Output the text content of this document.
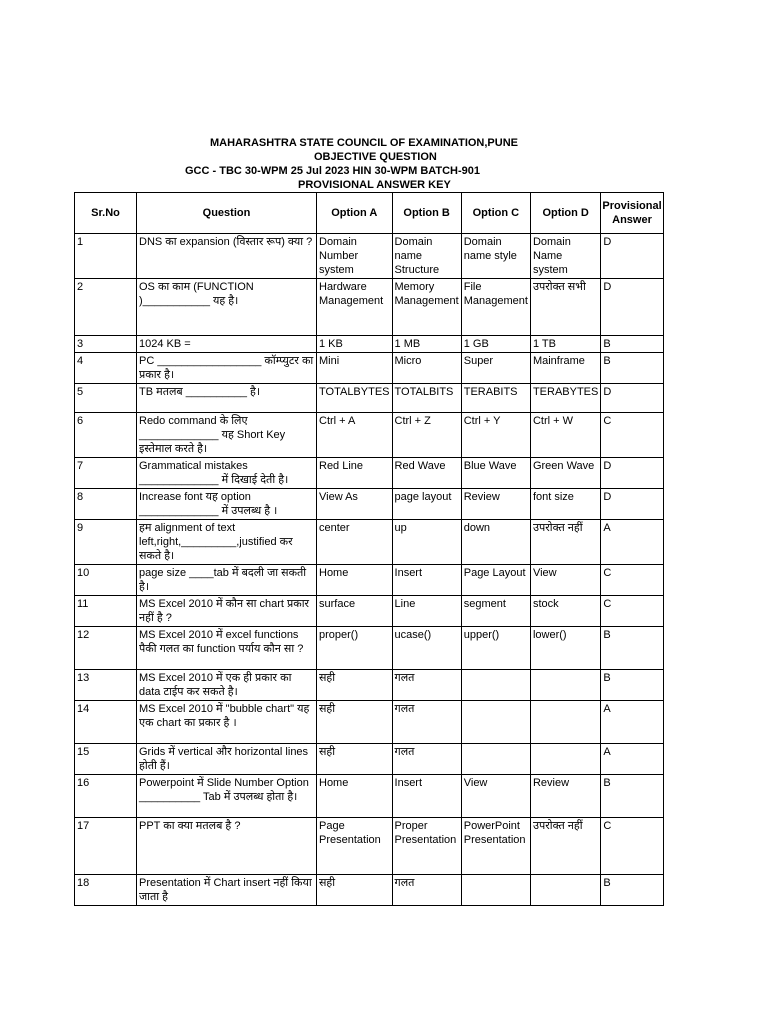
MAHARASHTRA STATE COUNCIL OF EXAMINATION,PUNE
OBJECTIVE QUESTION
GCC - TBC 30-WPM 25 Jul 2023 HIN 30-WPM BATCH-901
PROVISIONAL ANSWER KEY
Sr.No	Question	Option A	Option B	Option C	Option D	Provisional Answer
1	DNS का expansion (विस्तार रूप) क्या ?	Domain Number system	Domain name Structure	Domain name style	Domain Name system	D
2	OS का काम (FUNCTION )___________ यह है।	Hardware Management	Memory Management	File Management	उपरोक्त सभी	D
3	1024 KB =	1 KB	1 MB	1 GB	1 TB	B
4	PC _________________ कॉम्प्युटर का प्रकार है।	Mini	Micro	Super	Mainframe	B
5	TB मतलब __________ है।	TOTALBYTES	TOTALBITS	TERABITS	TERABYTES	D
6	Redo command के लिए _____________ यह Short Key इस्तेमाल करते है।	Ctrl + A	Ctrl + Z	Ctrl + Y	Ctrl + W	C
7	Grammatical mistakes _____________ में दिखाई देती है।	Red Line	Red Wave	Blue Wave	Green Wave	D
8	Increase font यह option _____________ में उपलब्ध है ।	View As	page layout	Review	font size	D
9	हम alignment of text left,right,_________,justified कर सकते है।	center	up	down	उपरोक्त नहीं	A
10	page size ____tab में बदली जा सकती है।	Home	Insert	Page Layout	View	C
11	MS Excel 2010 में कौन सा chart प्रकार नहीं है ?	surface	Line	segment	stock	C
12	MS Excel 2010 में excel functions पैकी गलत का function पर्याय कौन सा ?	proper()	ucase()	upper()	lower()	B
13	MS Excel 2010 में एक ही प्रकार का data टाईप कर सकते है।	सही	गलत			B
14	MS Excel 2010 में "bubble chart" यह एक chart का प्रकार है ।	सही	गलत			A
15	Grids में vertical और horizontal lines होती हैं।	सही	गलत			A
16	Powerpoint में Slide Number Option __________ Tab में उपलब्ध होता है।	Home	Insert	View	Review	B
17	PPT का क्या मतलब है ?	Page Presentation	Proper Presentation	PowerPoint Presentation	उपरोक्त नहीं	C
18	Presentation में Chart insert नहीं किया जाता है	सही	गलत			B
